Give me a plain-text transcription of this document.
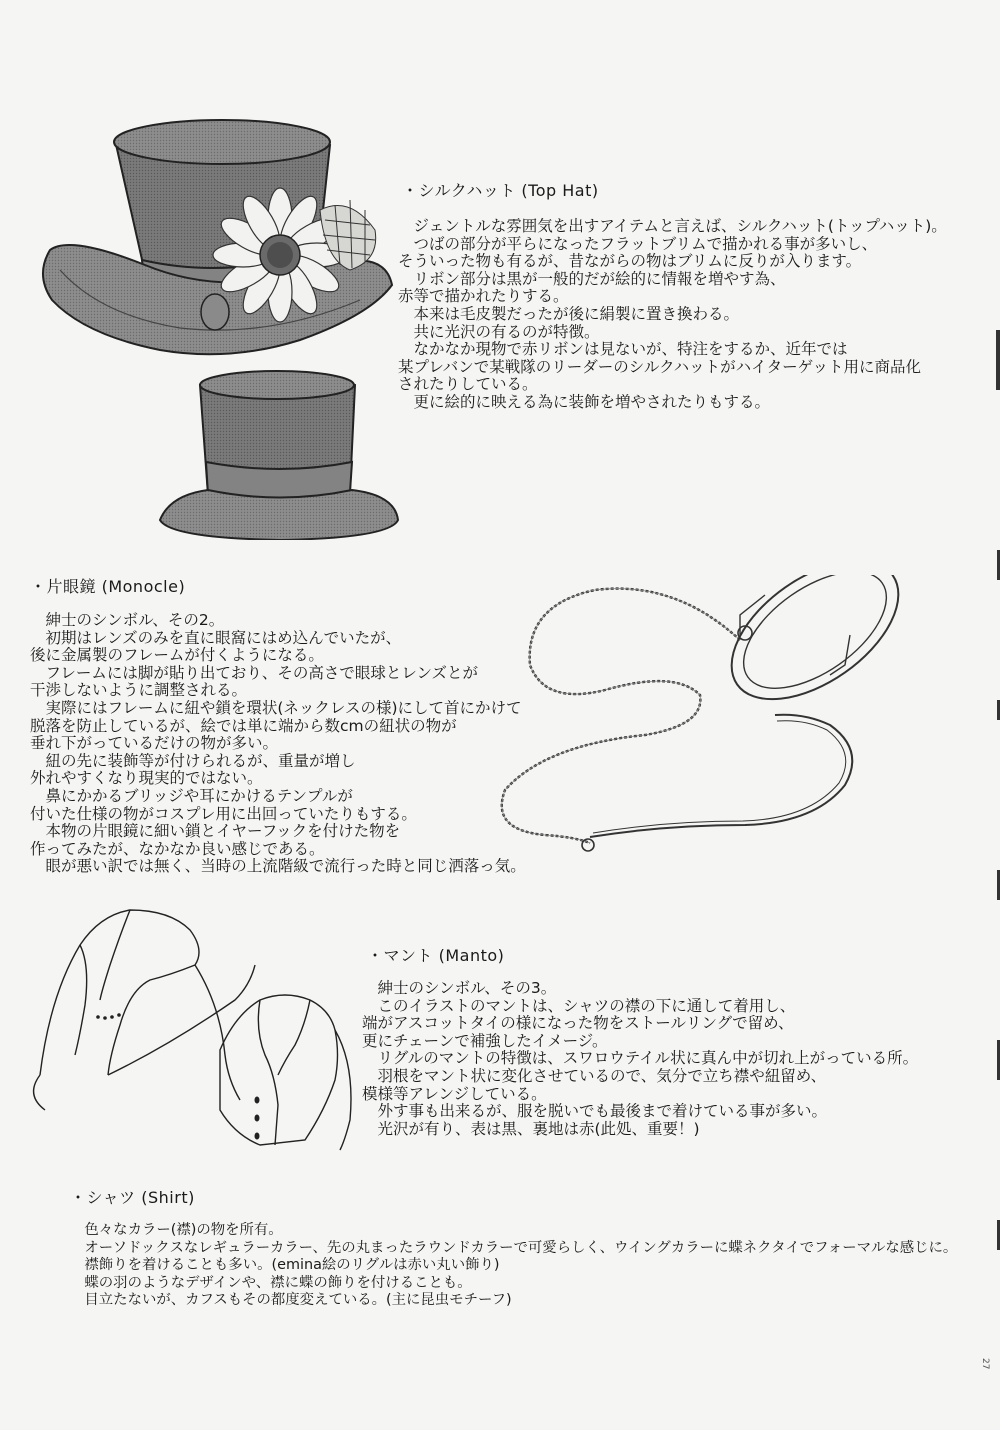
・シルクハット (Top Hat)
　ジェントルな雰囲気を出すアイテムと言えば、シルクハット(トップハット)。
　つばの部分が平らになったフラットブリムで描かれる事が多いし、
そういった物も有るが、昔ながらの物はブリムに反りが入ります。
　リボン部分は黒が一般的だが絵的に情報を増やす為、
赤等で描かれたりする。
　本来は毛皮製だったが後に絹製に置き換わる。
　共に光沢の有るのが特徴。
　なかなか現物で赤リボンは見ないが、特注をするか、近年では
某プレバンで某戦隊のリーダーのシルクハットがハイターゲット用に商品化
されたりしている。
　更に絵的に映える為に装飾を増やされたりもする。
・片眼鏡 (Monocle)
　紳士のシンボル、その2。
　初期はレンズのみを直に眼窩にはめ込んでいたが、
後に金属製のフレームが付くようになる。
　フレームには脚が貼り出ており、その高さで眼球とレンズとが
干渉しないように調整される。
　実際にはフレームに紐や鎖を環状(ネックレスの様)にして首にかけて
脱落を防止しているが、絵では単に端から数cmの紐状の物が
垂れ下がっているだけの物が多い。
　紐の先に装飾等が付けられるが、重量が増し
外れやすくなり現実的ではない。
　鼻にかかるブリッジや耳にかけるテンプルが
付いた仕様の物がコスプレ用に出回っていたりもする。
　本物の片眼鏡に細い鎖とイヤーフックを付けた物を
作ってみたが、なかなか良い感じである。
　眼が悪い訳では無く、当時の上流階級で流行った時と同じ洒落っ気。
・マント (Manto)
　紳士のシンボル、その3。
　このイラストのマントは、シャツの襟の下に通して着用し、
端がアスコットタイの様になった物をストールリングで留め、
更にチェーンで補強したイメージ。
　リグルのマントの特徴は、スワロウテイル状に真ん中が切れ上がっている所。
　羽根をマント状に変化させているので、気分で立ち襟や紐留め、
模様等アレンジしている。
　外す事も出来るが、服を脱いでも最後まで着けている事が多い。
　光沢が有り、表は黒、裏地は赤(此処、重要！)
・シャツ (Shirt)
　色々なカラー(襟)の物を所有。
　オーソドックスなレギュラーカラー、先の丸まったラウンドカラーで可愛らしく、ウイングカラーに蝶ネクタイでフォーマルな感じに。
　襟飾りを着けることも多い。(emina絵のリグルは赤い丸い飾り)
　蝶の羽のようなデザインや、襟に蝶の飾りを付けることも。
　目立たないが、カフスもその都度変えている。(主に昆虫モチーフ)
27
